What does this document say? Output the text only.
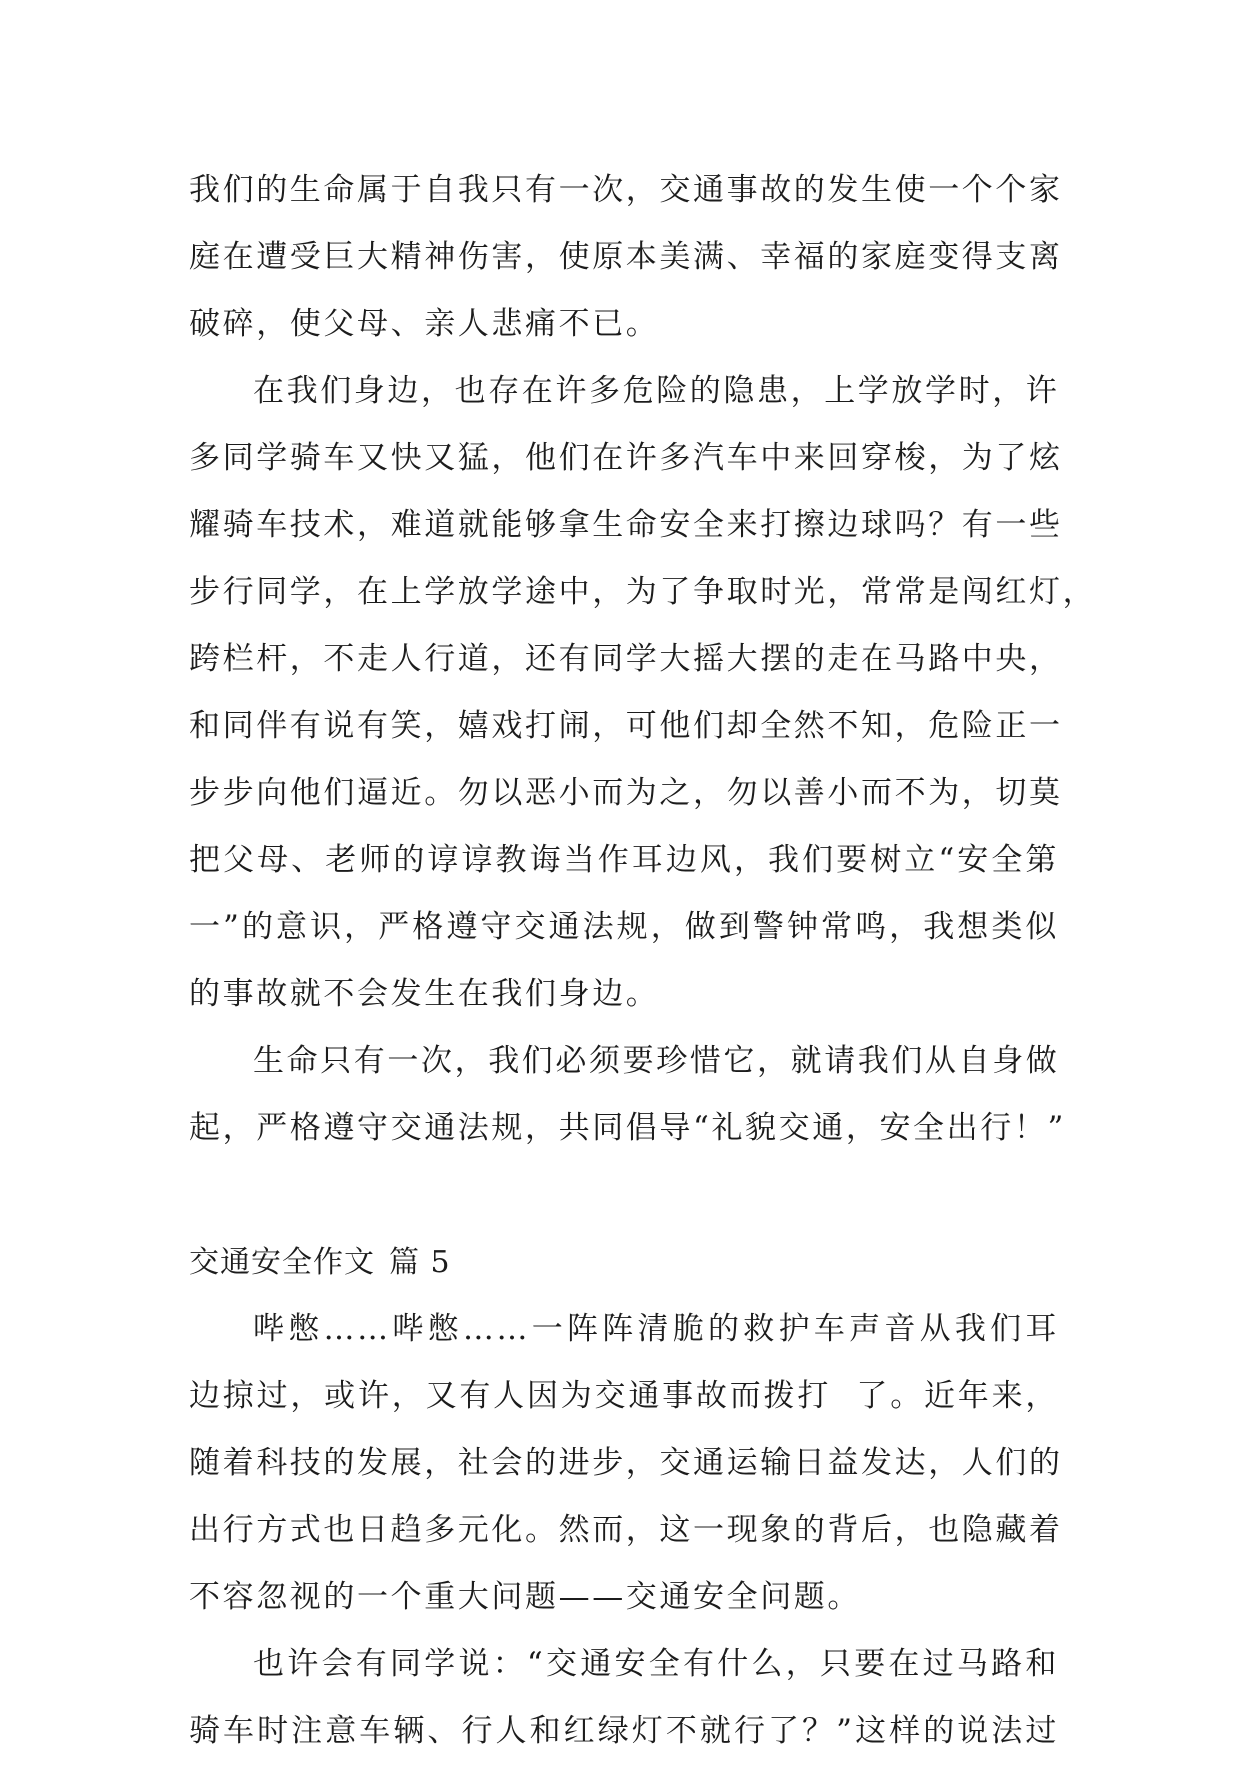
我们的生命属于自我只有一次，交通事故的发生使一个个家
庭在遭受巨大精神伤害，使原本美满、幸福的家庭变得支离
破碎，使父母、亲人悲痛不已。
在我们身边，也存在许多危险的隐患，上学放学时，许
多同学骑车又快又猛，他们在许多汽车中来回穿梭，为了炫
耀骑车技术，难道就能够拿生命安全来打擦边球吗？有一些
步行同学，在上学放学途中，为了争取时光，常常是闯红灯，
跨栏杆，不走人行道，还有同学大摇大摆的走在马路中央，
和同伴有说有笑，嬉戏打闹，可他们却全然不知，危险正一
步步向他们逼近。勿以恶小而为之，勿以善小而不为，切莫
把父母、老师的谆谆教诲当作耳边风，我们要树立“安全第
一”的意识，严格遵守交通法规，做到警钟常鸣，我想类似
的事故就不会发生在我们身边。
生命只有一次，我们必须要珍惜它，就请我们从自身做
起，严格遵守交通法规，共同倡导“礼貌交通，安全出行！”
交通安全作文 篇 5
哔憋……哔憋……一阵阵清脆的救护车声音从我们耳
边掠过，或许，又有人因为交通事故而拨打  了。近年来，
随着科技的发展，社会的进步，交通运输日益发达，人们的
出行方式也日趋多元化。然而，这一现象的背后，也隐藏着
不容忽视的一个重大问题——交通安全问题。
也许会有同学说：“交通安全有什么，只要在过马路和
骑车时注意车辆、行人和红绿灯不就行了？”这样的说法过
